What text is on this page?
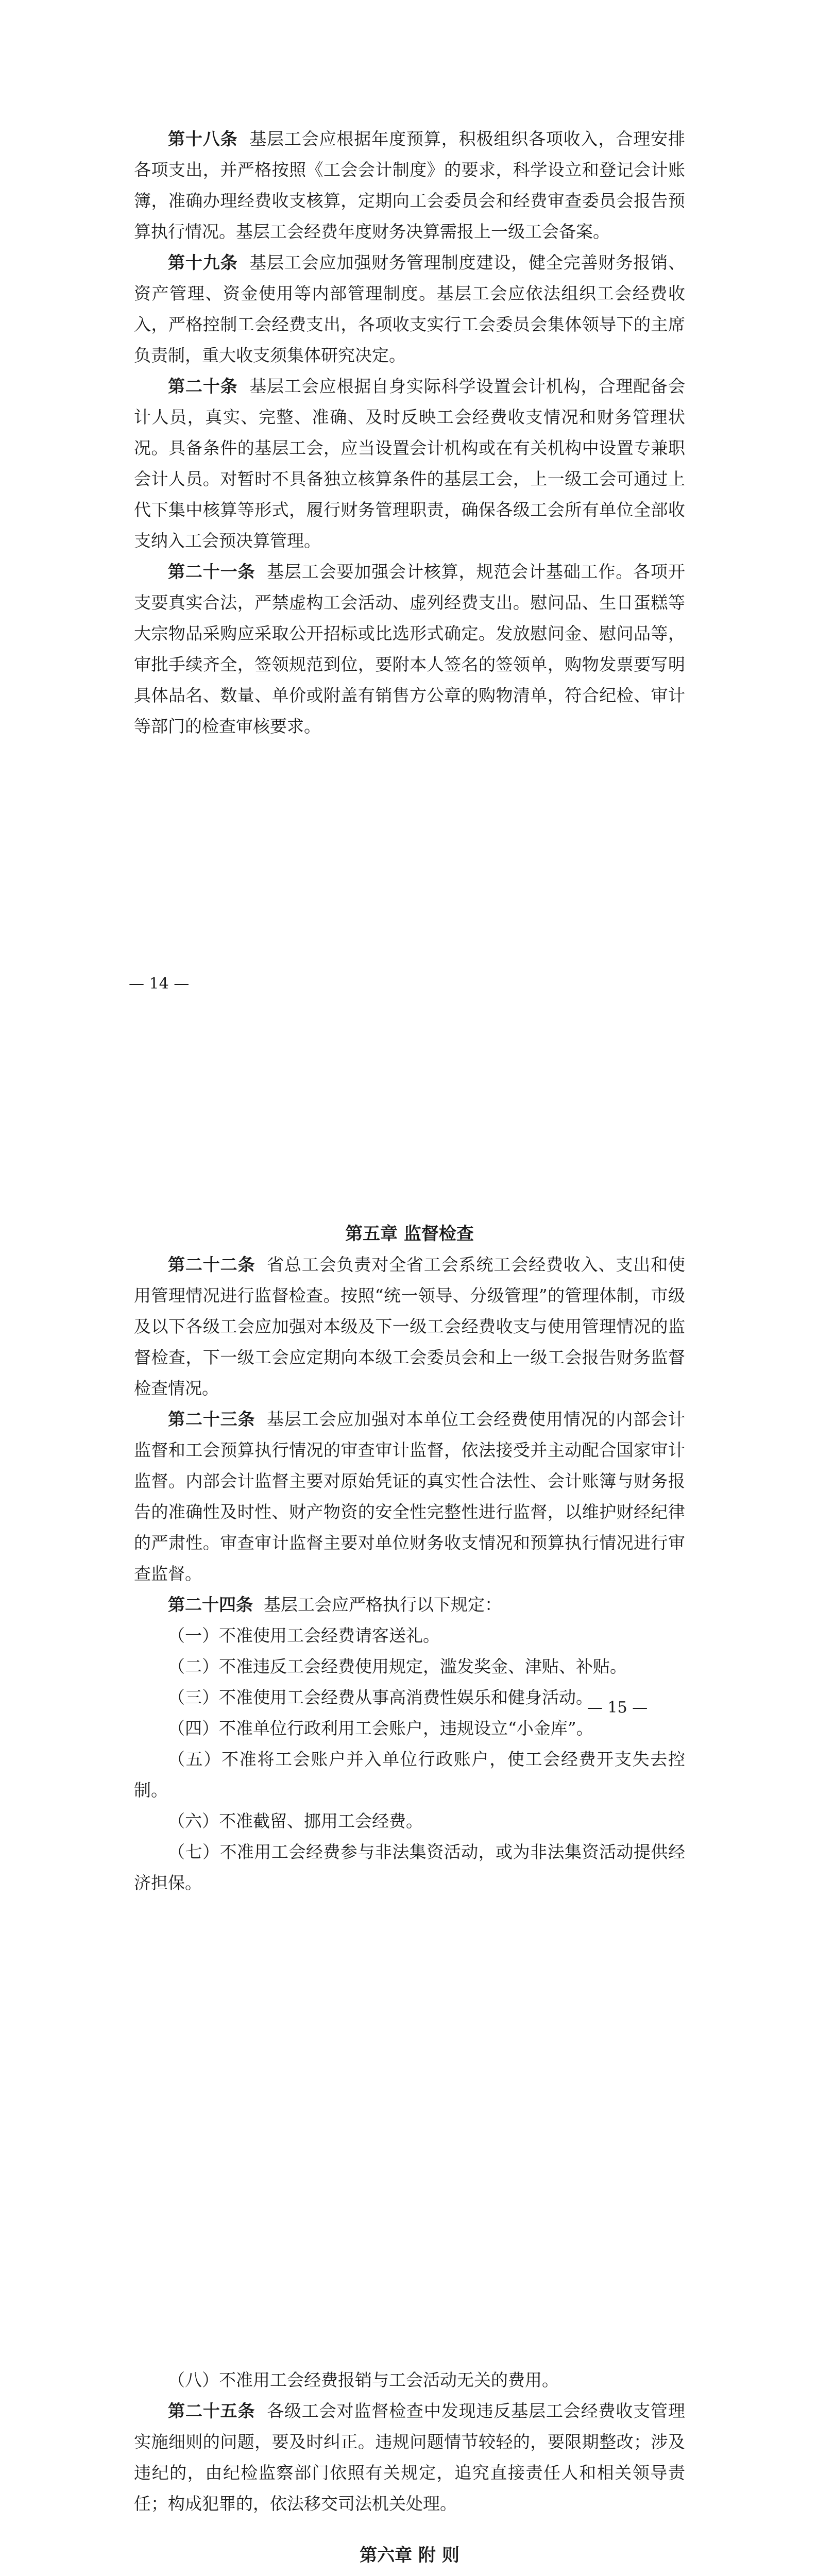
第十八条 基层工会应根据年度预算，积极组织各项收入，合理安排各项支出，并严格按照《工会会计制度》的要求，科学设立和登记会计账簿，准确办理经费收支核算，定期向工会委员会和经费审查委员会报告预算执行情况。基层工会经费年度财务决算需报上一级工会备案。

第十九条 基层工会应加强财务管理制度建设，健全完善财务报销、资产管理、资金使用等内部管理制度。基层工会应依法组织工会经费收入，严格控制工会经费支出，各项收支实行工会委员会集体领导下的主席负责制，重大收支须集体研究决定。

第二十条 基层工会应根据自身实际科学设置会计机构，合理配备会计人员，真实、完整、准确、及时反映工会经费收支情况和财务管理状况。具备条件的基层工会，应当设置会计机构或在有关机构中设置专兼职会计人员。对暂时不具备独立核算条件的基层工会，上一级工会可通过上代下集中核算等形式，履行财务管理职责，确保各级工会所有单位全部收支纳入工会预决算管理。

第二十一条 基层工会要加强会计核算，规范会计基础工作。各项开支要真实合法，严禁虚构工会活动、虚列经费支出。慰问品、生日蛋糕等大宗物品采购应采取公开招标或比选形式确定。发放慰问金、慰问品等，审批手续齐全，签领规范到位，要附本人签名的签领单，购物发票要写明具体品名、数量、单价或附盖有销售方公章的购物清单，符合纪检、审计等部门的检查审核要求。

— 14 —
第五章 监督检查

第二十二条 省总工会负责对全省工会系统工会经费收入、支出和使用管理情况进行监督检查。按照“统一领导、分级管理”的管理体制，市级及以下各级工会应加强对本级及下一级工会经费收支与使用管理情况的监督检查，下一级工会应定期向本级工会委员会和上一级工会报告财务监督检查情况。

第二十三条 基层工会应加强对本单位工会经费使用情况的内部会计监督和工会预算执行情况的审查审计监督，依法接受并主动配合国家审计监督。内部会计监督主要对原始凭证的真实性合法性、会计账簿与财务报告的准确性及时性、财产物资的安全性完整性进行监督，以维护财经纪律的严肃性。审查审计监督主要对单位财务收支情况和预算执行情况进行审查监督。

第二十四条 基层工会应严格执行以下规定：

（一）不准使用工会经费请客送礼。

（二）不准违反工会经费使用规定，滥发奖金、津贴、补贴。

（三）不准使用工会经费从事高消费性娱乐和健身活动。

（四）不准单位行政利用工会账户，违规设立“小金库”。

（五）不准将工会账户并入单位行政账户，使工会经费开支失去控制。

（六）不准截留、挪用工会经费。

（七）不准用工会经费参与非法集资活动，或为非法集资活动提供经济担保。

— 15 —

（八）不准用工会经费报销与工会活动无关的费用。

第二十五条 各级工会对监督检查中发现违反基层工会经费收支管理实施细则的问题，要及时纠正。违规问题情节较轻的，要限期整改；涉及违纪的，由纪检监察部门依照有关规定，追究直接责任人和相关领导责任；构成犯罪的，依法移交司法机关处理。

第六章 附 则
